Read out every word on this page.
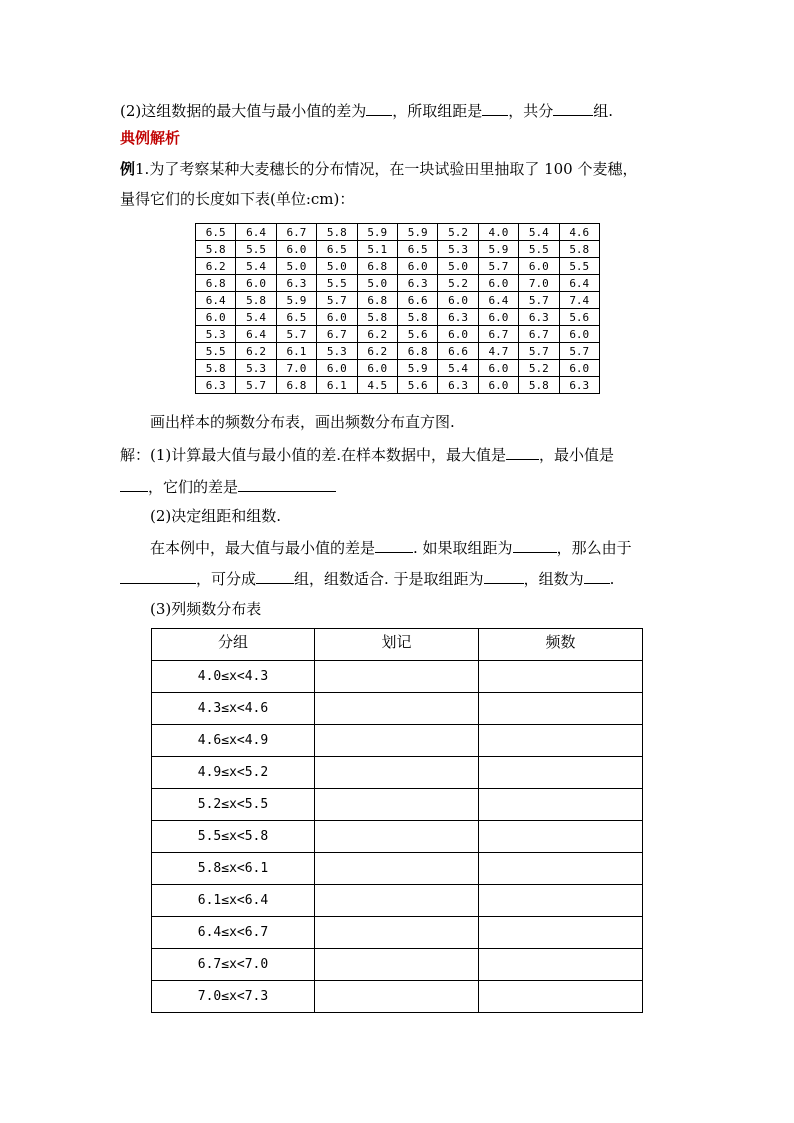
(2)这组数据的最大值与最小值的差为 ，所取组距是 ，共分	组.
典例解析
例1.为了考察某种大麦穗长的分布情况，在一块试验田里抽取了 100 个麦穗，
量得它们的长度如下表(单位:cm)：
6.5	6.4	6.7	5.8	5.9	5.9	5.2	4.0	5.4	4.6
5.8	5.5	6.0	6.5	5.1	6.5	5.3	5.9	5.5	5.8
6.2	5.4	5.0	5.0	6.8	6.0	5.0	5.7	6.0	5.5
6.8	6.0	6.3	5.5	5.0	6.3	5.2	6.0	7.0	6.4
6.4	5.8	5.9	5.7	6.8	6.6	6.0	6.4	5.7	7.4
6.0	5.4	6.5	6.0	5.8	5.8	6.3	6.0	6.3	5.6
5.3	6.4	5.7	6.7	6.2	5.6	6.0	6.7	6.7	6.0
5.5	6.2	6.1	5.3	6.2	6.8	6.6	4.7	5.7	5.7
5.8	5.3	7.0	6.0	6.0	5.9	5.4	6.0	5.2	6.0
6.3	5.7	6.8	6.1	4.5	5.6	6.3	6.0	5.8	6.3
画出样本的频数分布表，画出频数分布直方图.
解：(1)计算最大值与最小值的差.在样本数据中，最大值是 ，最小值是
，它们的差是
(2)决定组距和组数.
在本例中，最大值与最小值的差是	. 如果取组距为	，那么由于
，可分成	组，组数适合. 于是取组距为	，组数为 .
(3)列频数分布表
分组	划记	频数
4.0≤x<4.3		
4.3≤x<4.6		
4.6≤x<4.9		
4.9≤x<5.2		
5.2≤x<5.5		
5.5≤x<5.8		
5.8≤x<6.1		
6.1≤x<6.4		
6.4≤x<6.7		
6.7≤x<7.0		
7.0≤x<7.3		
